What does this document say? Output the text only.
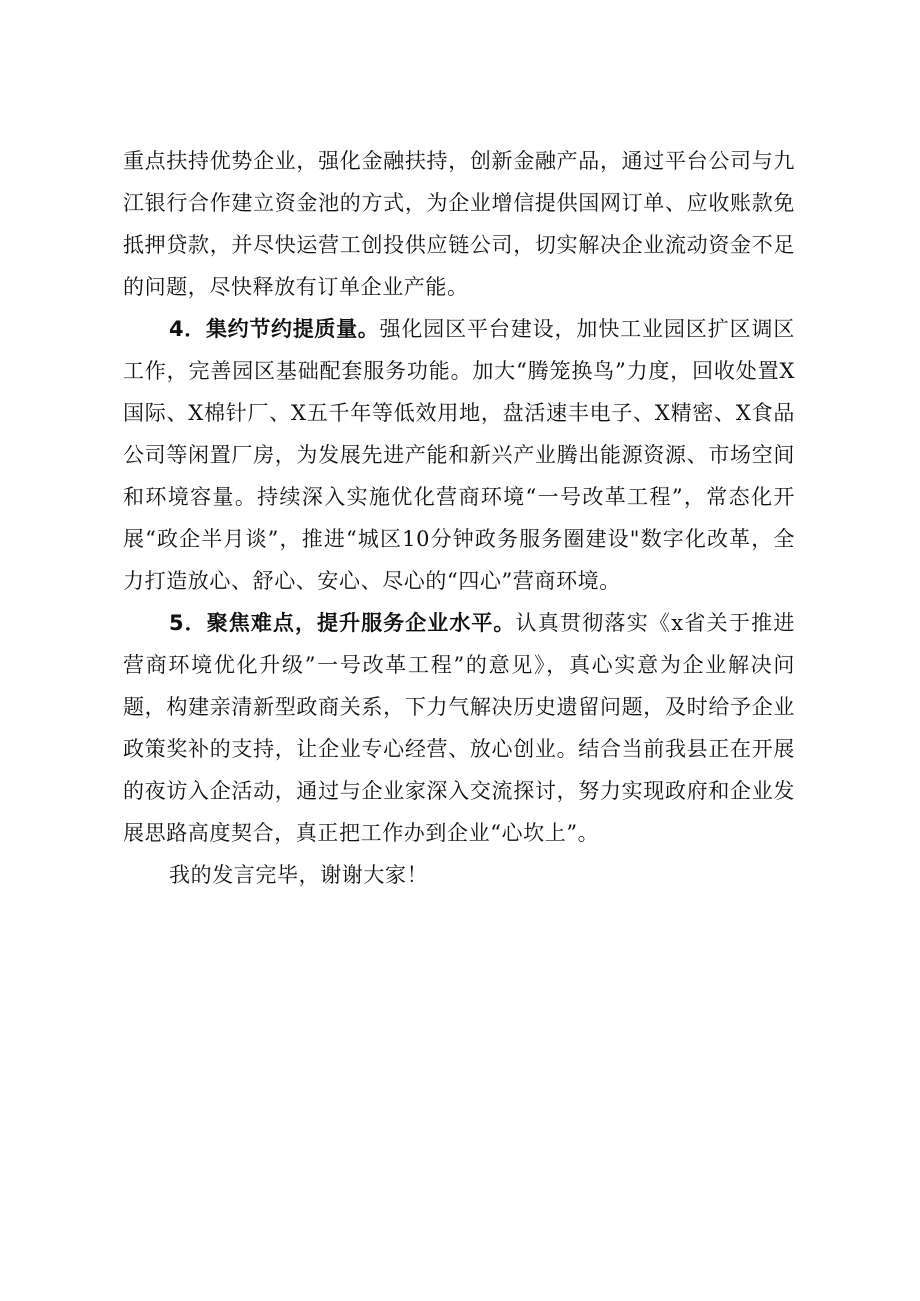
重点扶持优势企业，强化金融扶持，创新金融产品，通过平台公司与九江银行合作建立资金池的方式，为企业增信提供国网订单、应收账款免抵押贷款，并尽快运营工创投供应链公司，切实解决企业流动资金不足的问题，尽快释放有订单企业产能。

4．集约节约提质量。强化园区平台建设，加快工业园区扩区调区工作，完善园区基础配套服务功能。加大“腾笼换鸟”力度，回收处置X国际、X棉针厂、X五千年等低效用地，盘活速丰电子、X精密、X食品公司等闲置厂房，为发展先进产能和新兴产业腾出能源资源、市场空间和环境容量。持续深入实施优化营商环境“一号改革工程”，常态化开展“政企半月谈”，推进“城区10分钟政务服务圈建设"数字化改革，全力打造放心、舒心、安心、尽心的“四心”营商环境。

5．聚焦难点，提升服务企业水平。认真贯彻落实《x省关于推进营商环境优化升级”一号改革工程”的意见》，真心实意为企业解决问题，构建亲清新型政商关系，下力气解决历史遗留问题，及时给予企业政策奖补的支持，让企业专心经营、放心创业。结合当前我县正在开展的夜访入企活动，通过与企业家深入交流探讨，努力实现政府和企业发展思路高度契合，真正把工作办到企业“心坎上”。

我的发言完毕，谢谢大家！
